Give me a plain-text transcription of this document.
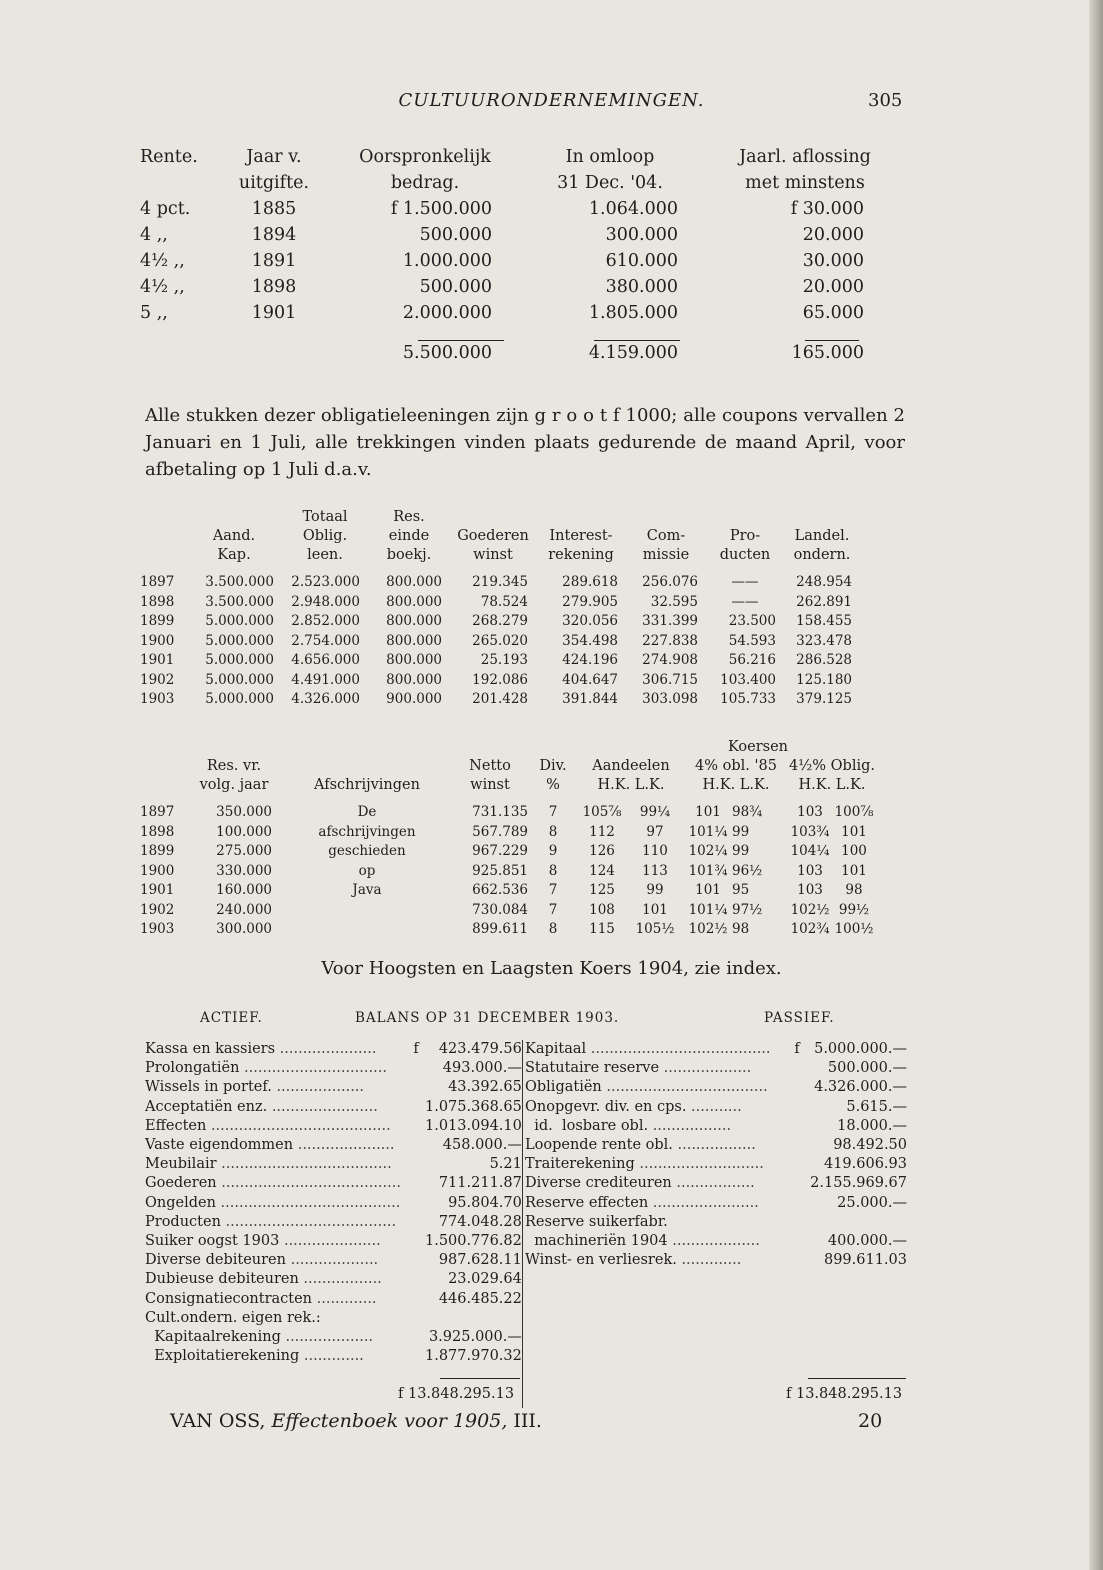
CULTUURONDERNEMINGEN.	305
Rente.	Jaar v.	Oorspronkelijk	In omloop	Jaarl. aflossing
	uitgifte.	bedrag.	31 Dec. '04.	met minstens
4 pct.	1885	f 1.500.000	1.064.000	f 30.000
4 ,,	1894	500.000	300.000	20.000
4½ ,,	1891	1.000.000	610.000	30.000
4½ ,,	1898	500.000	380.000	20.000
5 ,,	1901	2.000.000	1.805.000	65.000

		5.500.000	4.159.000	165.000
Alle stukken dezer obligatieleeningen zijn g r o o t f 1000; alle coupons vervallen 2 Januari en 1 Juli, alle trekkingen vinden plaats gedurende de maand April, voor afbetaling op 1 Juli d.a.v.
		Totaal	Res.					
	Aand.	Oblig.	einde	Goederen	Interest-	Com-	Pro-	Landel.
	Kap.	leen.	boekj.	winst	rekening	missie	ducten	ondern.

1897	3.500.000	2.523.000	800.000	219.345	289.618	256.076	——	248.954
1898	3.500.000	2.948.000	800.000	78.524	279.905	32.595	——	262.891
1899	5.000.000	2.852.000	800.000	268.279	320.056	331.399	23.500	158.455
1900	5.000.000	2.754.000	800.000	265.020	354.498	227.838	54.593	323.478
1901	5.000.000	4.656.000	800.000	25.193	424.196	274.908	56.216	286.528
1902	5.000.000	4.491.000	800.000	192.086	404.647	306.715	103.400	125.180
1903	5.000.000	4.326.000	900.000	201.428	391.844	303.098	105.733	379.125
					Koersen					
	Res. vr.		Netto	Div.	Aandeelen		4% obl. '85		4½% Oblig.	
	volg. jaar	Afschrijvingen	winst	%	H.K. L.K.		H.K. L.K.		H.K. L.K.	

1897	350.000	De	731.135	7	105⅞	99¼	101	98¾	103	100⅞
1898	100.000	afschrijvingen	567.789	8	112	97	101¼	99	103¾	101
1899	275.000	geschieden	967.229	9	126	110	102¼	99	104¼	100
1900	330.000	op	925.851	8	124	113	101¾	96½	103	101
1901	160.000	Java	662.536	7	125	99	101	95	103	98
1902	240.000		730.084	7	108	101	101¼	97½	102½	99½
1903	300.000		899.611	8	115	105½	102½	98	102¾	100½
Voor Hoogsten en Laagsten Koers 1904, zie index.
ACTIEF.	BALANS OP 31 DECEMBER 1903.	PASSIEF.
Kassa en kassiers .....................	f	423.479.56
Prolongatiën ...............................		493.000.—
Wissels in portef. ...................		43.392.65
Acceptatiën enz. .......................		1.075.368.65
Effecten .......................................		1.013.094.10
Vaste eigendommen .....................		458.000.—
Meubilair .....................................		5.21
Goederen .......................................		711.211.87
Ongelden .......................................		95.804.70
Producten .....................................		774.048.28
Suiker oogst 1903 .....................		1.500.776.82
Diverse debiteuren ...................		987.628.11
Dubieuse debiteuren .................		23.029.64
Consignatiecontracten .............		446.485.22
Cult.ondern. eigen rek.:		
Kapitaalrekening ...................		3.925.000.—
Exploitatierekening .............		1.877.970.32
Kapitaal .......................................	f	5.000.000.—
Statutaire reserve ...................		500.000.—
Obligatiën ...................................		4.326.000.—
Onopgevr. div. en cps. ...........		5.615.—
id.  losbare obl. .................		18.000.—
Loopende rente obl. .................		98.492.50
Traiterekening ...........................		419.606.93
Diverse crediteuren .................		2.155.969.67
Reserve effecten .......................		25.000.—
Reserve suikerfabr.		
machineriën 1904 ...................		400.000.—
Winst- en verliesrek. .............		899.611.03
f 13.848.295.13	f 13.848.295.13
VAN OSS, Effectenboek voor 1905, III.	20
